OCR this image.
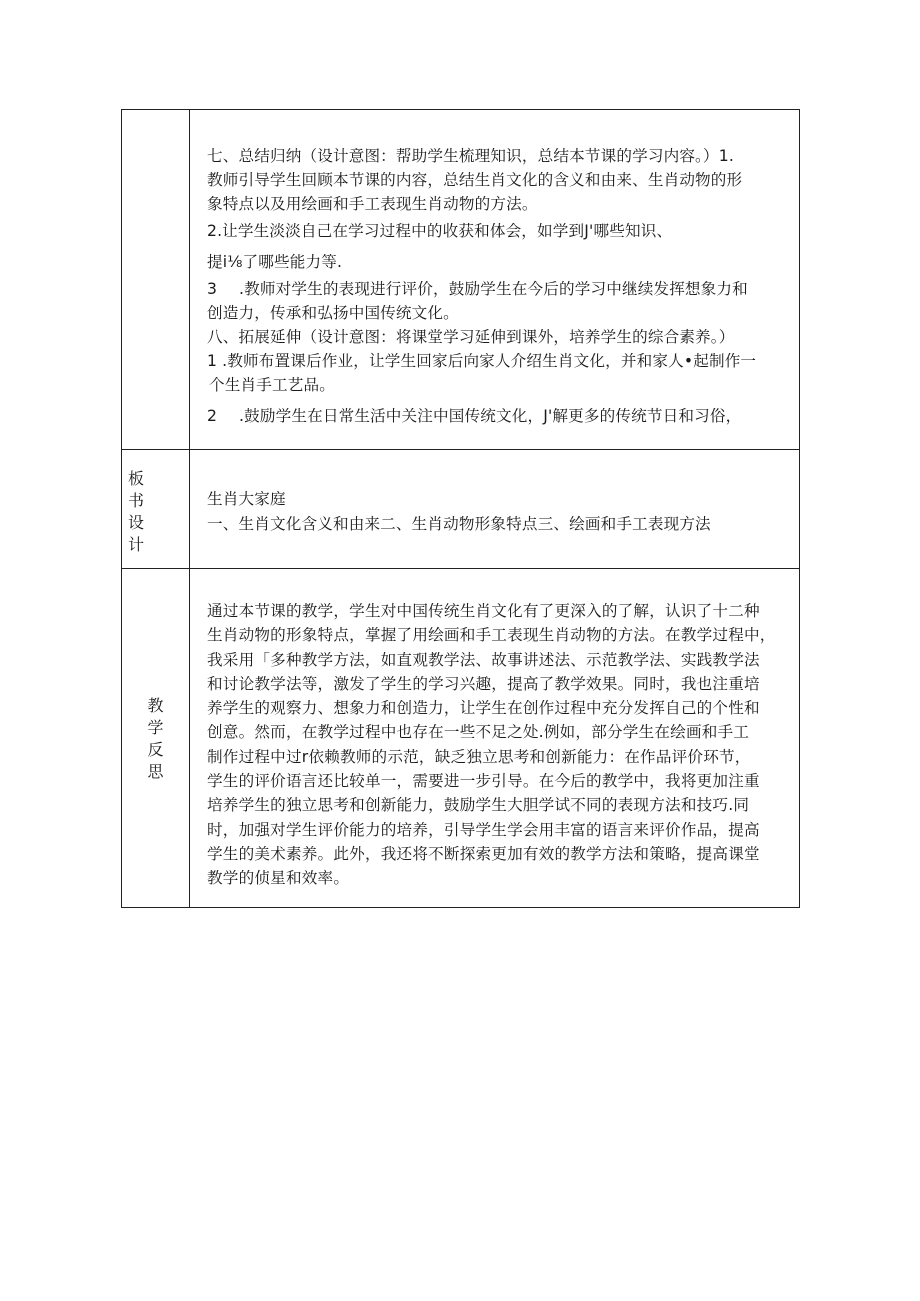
七、总结归纳（设计意图：帮助学生梳理知识，总结本节课的学习内容。）1.

教师引导学生回顾本节课的内容，总结生肖文化的含义和由来、生肖动物的形

象特点以及用绘画和手工表现生肖动物的方法。

2.让学生淡淡自己在学习过程中的收获和体会，如学到J'哪些知识、

提i⅛了哪些能力等.

3 .教师对学生的表现进行评价，鼓励学生在今后的学习中继续发挥想象力和

创造力，传承和弘扬中国传统文化。

八、拓展延伸（设计意图：将课堂学习延伸到课外，培养学生的综合素养。）

1 .教师布置课后作业，让学生回家后向家人介绍生肖文化，并和家人•起制作一

个生肖手工艺品。

2 .鼓励学生在日常生活中关注中国传统文化，J'解更多的传统节日和习俗，

板
书
设
计

生肖大家庭

一、生肖文化含义和由来二、生肖动物形象特点三、绘画和手工表现方法

教
学
反
思

通过本节课的教学，学生对中国传统生肖文化有了更深入的了解，认识了十二种

生肖动物的形象特点，掌握了用绘画和手工表现生肖动物的方法。在教学过程中，

我采用「多种教学方法，如直观教学法、故事讲述法、示范教学法、实践教学法

和讨论教学法等，激发了学生的学习兴趣，提高了教学效果。同时，我也注重培

养学生的观察力、想象力和创造力，让学生在创作过程中充分发挥自己的个性和

创意。然而，在教学过程中也存在一些不足之处.例如，部分学生在绘画和手工

制作过程中过r依赖教师的示范，缺乏独立思考和创新能力：在作品评价环节，

学生的评价语言还比较单一，需要进一步引导。在今后的教学中，我将更加注重

培养学生的独立思考和创新能力，鼓励学生大胆学试不同的表现方法和技巧.同

时，加强对学生评价能力的培养，引导学生学会用丰富的语言来评价作品，提高

学生的美术素养。此外，我还将不断探索更加有效的教学方法和策略，提高课堂

教学的侦星和效率。
